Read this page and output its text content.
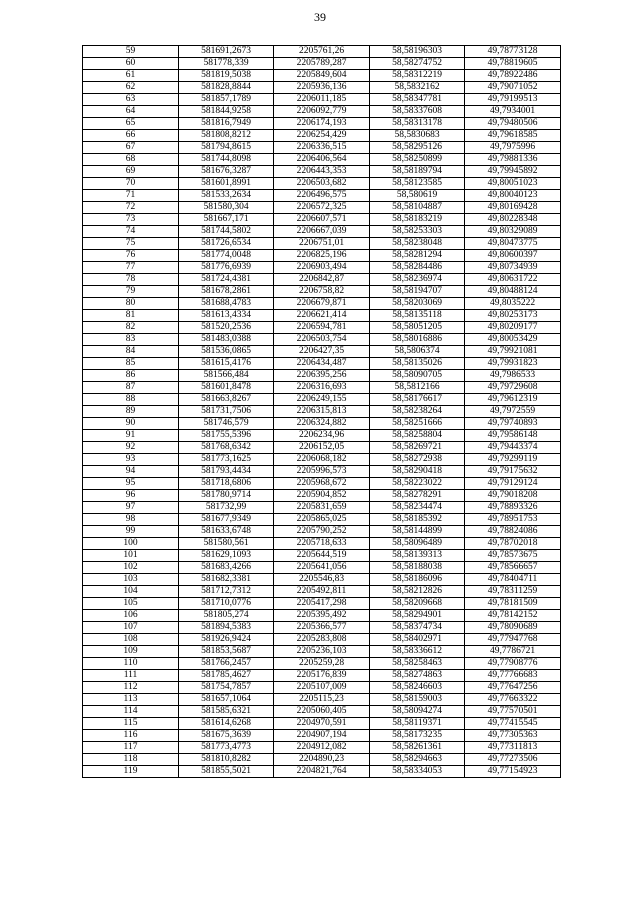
39
59	581691,2673	2205761,26	58,58196303	49,78773128
60	581778,339	2205789,287	58,58274752	49,78819605
61	581819,5038	2205849,604	58,58312219	49,78922486
62	581828,8844	2205936,136	58,5832162	49,79071052
63	581857,1789	2206011,185	58,58347781	49,79199513
64	581844,9258	2206092,779	58,58337608	49,7934001
65	581816,7949	2206174,193	58,58313178	49,79480506
66	581808,8212	2206254,429	58,5830683	49,79618585
67	581794,8615	2206336,515	58,58295126	49,7975996
68	581744,8098	2206406,564	58,58250899	49,79881336
69	581676,3287	2206443,353	58,58189794	49,79945892
70	581601,8991	2206503,682	58,58123585	49,80051023
71	581533,2634	2206496,575	58,580619	49,80040123
72	581580,304	2206572,325	58,58104887	49,80169428
73	581667,171	2206607,571	58,58183219	49,80228348
74	581744,5802	2206667,039	58,58253303	49,80329089
75	581726,6534	2206751,01	58,58238048	49,80473775
76	581774,0048	2206825,196	58,58281294	49,80600397
77	581776,6939	2206903,494	58,58284486	49,80734939
78	581724,4381	2206842,87	58,58236974	49,80631722
79	581678,2861	2206758,82	58,58194707	49,80488124
80	581688,4783	2206679,871	58,58203069	49,8035222
81	581613,4334	2206621,414	58,58135118	49,80253173
82	581520,2536	2206594,781	58,58051205	49,80209177
83	581483,0388	2206503,754	58,58016886	49,80053429
84	581536,0865	2206427,35	58,5806374	49,79921081
85	581615,4176	2206434,487	58,58135026	49,79931823
86	581566,484	2206395,256	58,58090705	49,7986533
87	581601,8478	2206316,693	58,5812166	49,79729608
88	581663,8267	2206249,155	58,58176617	49,79612319
89	581731,7506	2206315,813	58,58238264	49,7972559
90	581746,579	2206324,882	58,58251666	49,79740893
91	581755,5396	2206234,96	58,58258804	49,79586148
92	581768,6342	2206152,05	58,58269721	49,79443374
93	581773,1625	2206068,182	58,58272938	49,79299119
94	581793,4434	2205996,573	58,58290418	49,79175632
95	581718,6806	2205968,672	58,58223022	49,79129124
96	581780,9714	2205904,852	58,58278291	49,79018208
97	581732,99	2205831,659	58,58234474	49,78893326
98	581677,9349	2205865,025	58,58185392	49,78951753
99	581633,6748	2205790,252	58,58144899	49,78824086
100	581580,561	2205718,633	58,58096489	49,78702018
101	581629,1093	2205644,519	58,58139313	49,78573675
102	581683,4266	2205641,056	58,58188038	49,78566657
103	581682,3381	2205546,83	58,58186096	49,78404711
104	581712,7312	2205492,811	58,58212826	49,78311259
105	581710,0776	2205417,298	58,58209668	49,78181509
106	581805,274	2205395,492	58,58294901	49,78142152
107	581894,5383	2205366,577	58,58374734	49,78090689
108	581926,9424	2205283,808	58,58402971	49,77947768
109	581853,5687	2205236,103	58,58336612	49,7786721
110	581766,2457	2205259,28	58,58258463	49,77908776
111	581785,4627	2205176,839	58,58274863	49,77766683
112	581754,7857	2205107,009	58,58246603	49,77647256
113	581657,1064	2205115,23	58,58159003	49,77663322
114	581585,6321	2205060,405	58,58094274	49,77570501
115	581614,6268	2204970,591	58,58119371	49,77415545
116	581675,3639	2204907,194	58,58173235	49,77305363
117	581773,4773	2204912,082	58,58261361	49,77311813
118	581810,8282	2204890,23	58,58294663	49,77273506
119	581855,5021	2204821,764	58,58334053	49,77154923
